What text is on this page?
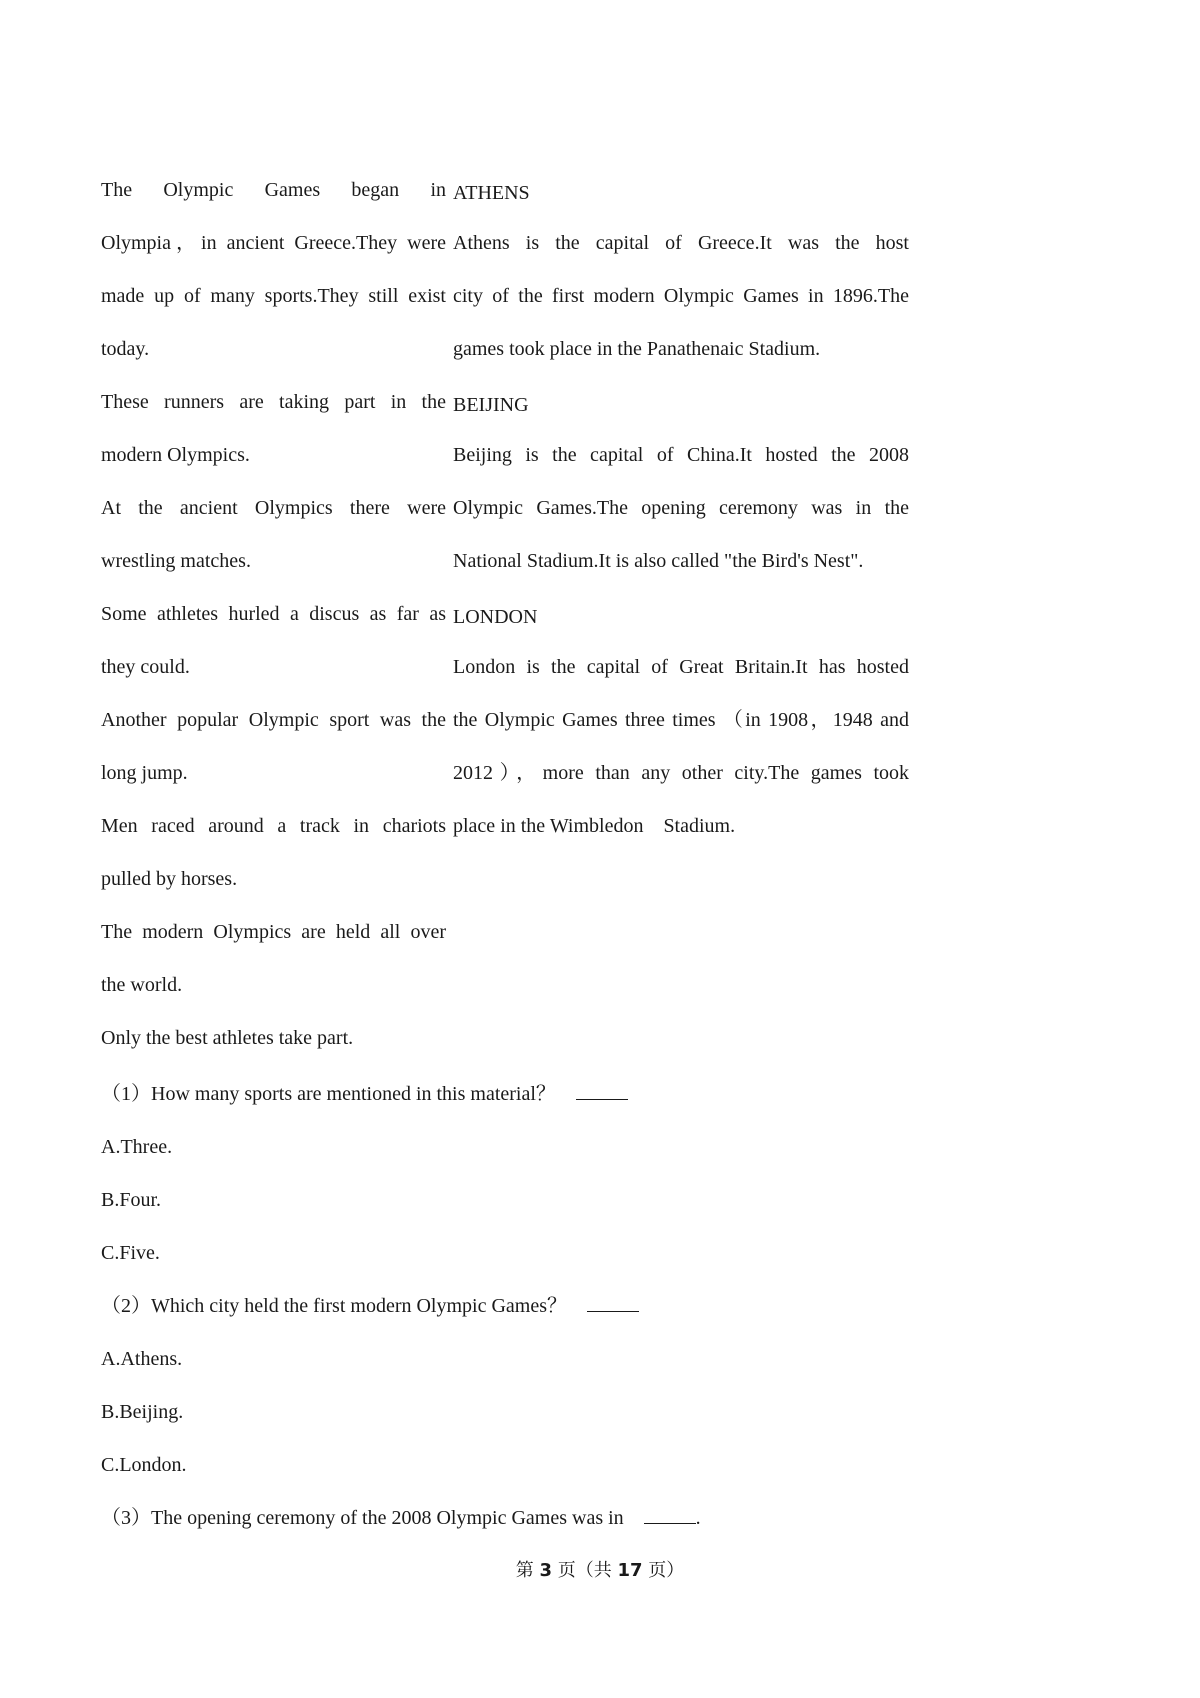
The Olympic Games began in
Olympia，in ancient Greece.They were
made up of many sports.They still exist
today.
These runners are taking part in the
modern Olympics.
At the ancient Olympics there were
wrestling matches.
Some athletes hurled a discus as far as
they could.
Another popular Olympic sport was the
long jump.
Men raced around a track in chariots
pulled by horses.
The modern Olympics are held all over
the world.
Only the best athletes take part.
ATHENS
Athens is the capital of Greece.It was the host
city of the first modern Olympic Games in 1896.The
games took place in the Panathenaic Stadium.
BEIJING
Beijing is the capital of China.It hosted the 2008
Olympic Games.The opening ceremony was in the
National Stadium.It is also called "the Bird's Nest".
LONDON
London is the capital of Great Britain.It has hosted
the Olympic Games three times （in 1908，1948 and
2012），more than any other city.The games took
place in the Wimbledon　Stadium.
（1）How many sports are mentioned in this material？
A.Three.
B.Four.
C.Five.
（2）Which city held the first modern Olympic Games？
A.Athens.
B.Beijing.
C.London.
（3）The opening ceremony of the 2008 Olympic Games was in	.
第 3 页（共 17 页）
